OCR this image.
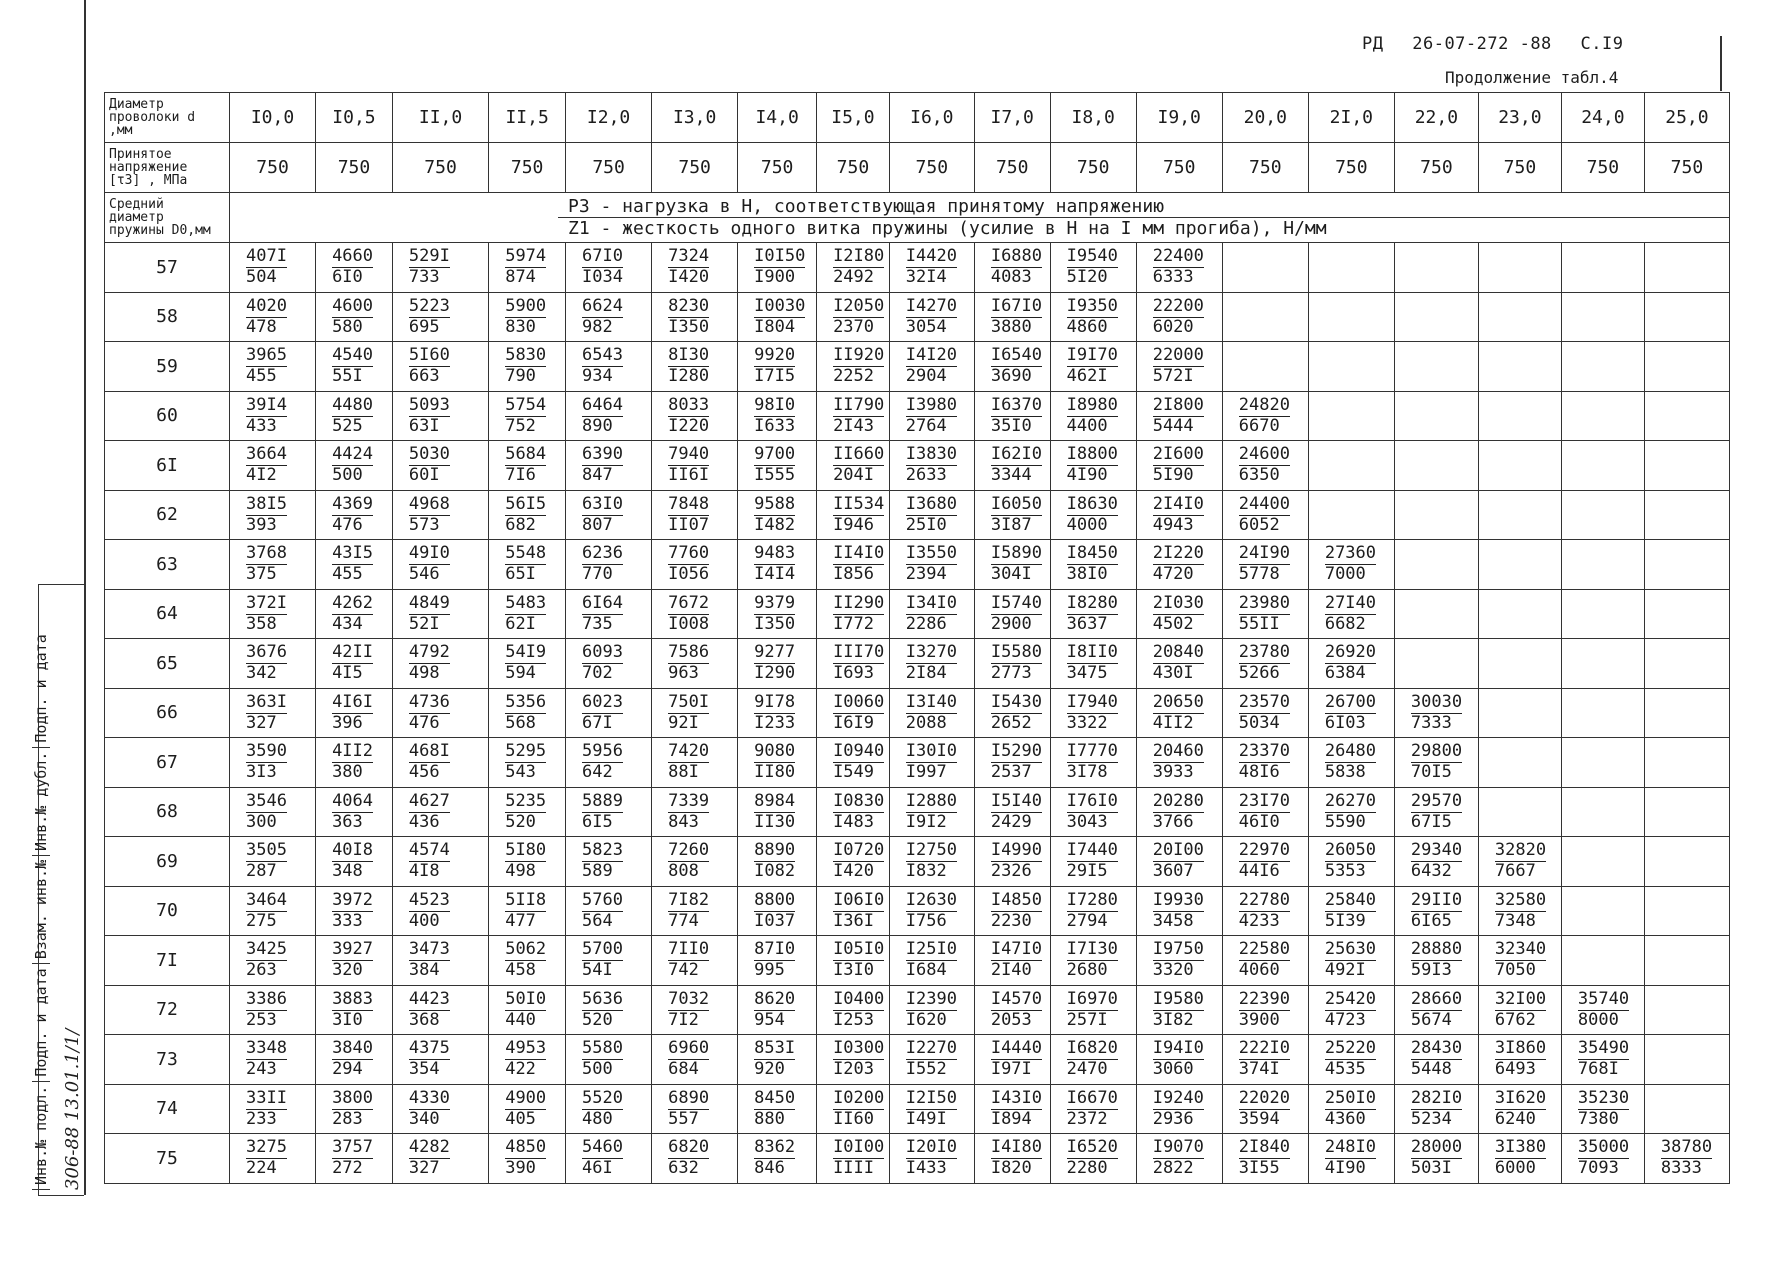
РД 26-07-272 -88 С.I9
Продолжение табл.4
Инв.№ подл.
Подп. и дата
Взам. инв.№
Инв.№ дубл.
Подп. и дата
306-88 13.01.1/1/
Диаметр проволоки d ,мм	I0,0	I0,5	II,0	II,5	I2,0	I3,0	I4,0	I5,0	I6,0	I7,0	I8,0	I9,0	20,0	2I,0	22,0	23,0	24,0	25,0
Принятое напряжение [τ3] , МПа	750	750	750	750	750	750	750	750	750	750	750	750	750	750	750	750	750	750
Средний диаметр пружины D0,мм	P3 - нагрузка в Н, соответствующая принятому напряжению
Z1 - жесткость одного витка пружины (усилие в Н на I мм прогиба), Н/мм																	

57	$\frac{407I}{504}$	$\frac{4660}{6I0}$	$\frac{529I}{733}$	$\frac{5974}{874}$	$\frac{67I0}{I034}$	$\frac{7324}{I420}$	$\frac{I0I50}{I900}$	$\frac{I2I80}{2492}$	$\frac{I4420}{32I4}$	$\frac{I6880}{4083}$	$\frac{I9540}{5I20}$	$\frac{22400}{6333}$

58	$\frac{4020}{478}$	$\frac{4600}{580}$	$\frac{5223}{695}$	$\frac{5900}{830}$	$\frac{6624}{982}$	$\frac{8230}{I350}$	$\frac{I0030}{I804}$	$\frac{I2050}{2370}$	$\frac{I4270}{3054}$	$\frac{I67I0}{3880}$	$\frac{I9350}{4860}$	$\frac{22200}{6020}$

59	$\frac{3965}{455}$	$\frac{4540}{55I}$	$\frac{5I60}{663}$	$\frac{5830}{790}$	$\frac{6543}{934}$	$\frac{8I30}{I280}$	$\frac{9920}{I7I5}$	$\frac{II920}{2252}$	$\frac{I4I20}{2904}$	$\frac{I6540}{3690}$	$\frac{I9I70}{462I}$	$\frac{22000}{572I}$

60	$\frac{39I4}{433}$	$\frac{4480}{525}$	$\frac{5093}{63I}$	$\frac{5754}{752}$	$\frac{6464}{890}$	$\frac{8033}{I220}$	$\frac{98I0}{I633}$	$\frac{II790}{2I43}$	$\frac{I3980}{2764}$	$\frac{I6370}{35I0}$	$\frac{I8980}{4400}$	$\frac{2I800}{5444}$	$\frac{24820}{6670}$

6I	$\frac{3664}{4I2}$	$\frac{4424}{500}$	$\frac{5030}{60I}$	$\frac{5684}{7I6}$	$\frac{6390}{847}$	$\frac{7940}{II6I}$	$\frac{9700}{I555}$	$\frac{II660}{204I}$	$\frac{I3830}{2633}$	$\frac{I62I0}{3344}$	$\frac{I8800}{4I90}$	$\frac{2I600}{5I90}$	$\frac{24600}{6350}$

62	$\frac{38I5}{393}$	$\frac{4369}{476}$	$\frac{4968}{573}$	$\frac{56I5}{682}$	$\frac{63I0}{807}$	$\frac{7848}{II07}$	$\frac{9588}{I482}$	$\frac{II534}{I946}$	$\frac{I3680}{25I0}$	$\frac{I6050}{3I87}$	$\frac{I8630}{4000}$	$\frac{2I4I0}{4943}$	$\frac{24400}{6052}$

63	$\frac{3768}{375}$	$\frac{43I5}{455}$	$\frac{49I0}{546}$	$\frac{5548}{65I}$	$\frac{6236}{770}$	$\frac{7760}{I056}$	$\frac{9483}{I4I4}$	$\frac{II4I0}{I856}$	$\frac{I3550}{2394}$	$\frac{I5890}{304I}$	$\frac{I8450}{38I0}$	$\frac{2I220}{4720}$	$\frac{24I90}{5778}$	$\frac{27360}{7000}$

64	$\frac{372I}{358}$	$\frac{4262}{434}$	$\frac{4849}{52I}$	$\frac{5483}{62I}$	$\frac{6I64}{735}$	$\frac{7672}{I008}$	$\frac{9379}{I350}$	$\frac{II290}{I772}$	$\frac{I34I0}{2286}$	$\frac{I5740}{2900}$	$\frac{I8280}{3637}$	$\frac{2I030}{4502}$	$\frac{23980}{55II}$	$\frac{27I40}{6682}$

65	$\frac{3676}{342}$	$\frac{42II}{4I5}$	$\frac{4792}{498}$	$\frac{54I9}{594}$	$\frac{6093}{702}$	$\frac{7586}{963}$	$\frac{9277}{I290}$	$\frac{\text{III70}}{I693}$	$\frac{I3270}{2I84}$	$\frac{I5580}{2773}$	$\frac{I8II0}{3475}$	$\frac{20840}{430I}$	$\frac{23780}{5266}$	$\frac{26920}{6384}$

66	$\frac{363I}{327}$	$\frac{4I6I}{396}$	$\frac{4736}{476}$	$\frac{5356}{568}$	$\frac{6023}{67I}$	$\frac{750I}{92I}$	$\frac{9I78}{I233}$	$\frac{I0060}{I6I9}$	$\frac{I3I40}{2088}$	$\frac{I5430}{2652}$	$\frac{I7940}{3322}$	$\frac{20650}{4II2}$	$\frac{23570}{5034}$	$\frac{26700}{6I03}$	$\frac{30030}{7333}$

67	$\frac{3590}{3I3}$	$\frac{4II2}{380}$	$\frac{468I}{456}$	$\frac{5295}{543}$	$\frac{5956}{642}$	$\frac{7420}{88I}$	$\frac{9080}{II80}$	$\frac{I0940}{I549}$	$\frac{I30I0}{I997}$	$\frac{I5290}{2537}$	$\frac{I7770}{3I78}$	$\frac{20460}{3933}$	$\frac{23370}{48I6}$	$\frac{26480}{5838}$	$\frac{29800}{70I5}$

68	$\frac{3546}{300}$	$\frac{4064}{363}$	$\frac{4627}{436}$	$\frac{5235}{520}$	$\frac{5889}{6I5}$	$\frac{7339}{843}$	$\frac{8984}{II30}$	$\frac{I0830}{I483}$	$\frac{I2880}{I9I2}$	$\frac{I5I40}{2429}$	$\frac{I76I0}{3043}$	$\frac{20280}{3766}$	$\frac{23I70}{46I0}$	$\frac{26270}{5590}$	$\frac{29570}{67I5}$

69	$\frac{3505}{287}$	$\frac{40I8}{348}$	$\frac{4574}{4I8}$	$\frac{5I80}{498}$	$\frac{5823}{589}$	$\frac{7260}{808}$	$\frac{8890}{I082}$	$\frac{I0720}{I420}$	$\frac{I2750}{I832}$	$\frac{I4990}{2326}$	$\frac{I7440}{29I5}$	$\frac{20I00}{3607}$	$\frac{22970}{44I6}$	$\frac{26050}{5353}$	$\frac{29340}{6432}$	$\frac{32820}{7667}$

70	$\frac{3464}{275}$	$\frac{3972}{333}$	$\frac{4523}{400}$	$\frac{5II8}{477}$	$\frac{5760}{564}$	$\frac{7I82}{774}$	$\frac{8800}{I037}$	$\frac{I06I0}{I36I}$	$\frac{I2630}{I756}$	$\frac{I4850}{2230}$	$\frac{I7280}{2794}$	$\frac{I9930}{3458}$	$\frac{22780}{4233}$	$\frac{25840}{5I39}$	$\frac{29II0}{6I65}$	$\frac{32580}{7348}$

7I	$\frac{3425}{263}$	$\frac{3927}{320}$	$\frac{3473}{384}$	$\frac{5062}{458}$	$\frac{5700}{54I}$	$\frac{7II0}{742}$	$\frac{87I0}{995}$	$\frac{I05I0}{I3I0}$	$\frac{I25I0}{I684}$	$\frac{I47I0}{2I40}$	$\frac{I7I30}{2680}$	$\frac{I9750}{3320}$	$\frac{22580}{4060}$	$\frac{25630}{492I}$	$\frac{28880}{59I3}$	$\frac{32340}{7050}$

72	$\frac{3386}{253}$	$\frac{3883}{3I0}$	$\frac{4423}{368}$	$\frac{50I0}{440}$	$\frac{5636}{520}$	$\frac{7032}{7I2}$	$\frac{8620}{954}$	$\frac{I0400}{I253}$	$\frac{I2390}{I620}$	$\frac{I4570}{2053}$	$\frac{I6970}{257I}$	$\frac{I9580}{3I82}$	$\frac{22390}{3900}$	$\frac{25420}{4723}$	$\frac{28660}{5674}$	$\frac{32I00}{6762}$	$\frac{35740}{8000}$

73	$\frac{3348}{243}$	$\frac{3840}{294}$	$\frac{4375}{354}$	$\frac{4953}{422}$	$\frac{5580}{500}$	$\frac{6960}{684}$	$\frac{853I}{920}$	$\frac{I0300}{I203}$	$\frac{I2270}{I552}$	$\frac{I4440}{I97I}$	$\frac{I6820}{2470}$	$\frac{I94I0}{3060}$	$\frac{222I0}{374I}$	$\frac{25220}{4535}$	$\frac{28430}{5448}$	$\frac{3I860}{6493}$	$\frac{35490}{768I}$

74	$\frac{33II}{233}$	$\frac{3800}{283}$	$\frac{4330}{340}$	$\frac{4900}{405}$	$\frac{5520}{480}$	$\frac{6890}{557}$	$\frac{8450}{880}$	$\frac{I0200}{II60}$	$\frac{I2I50}{I49I}$	$\frac{I43I0}{I894}$	$\frac{I6670}{2372}$	$\frac{I9240}{2936}$	$\frac{22020}{3594}$	$\frac{250I0}{4360}$	$\frac{282I0}{5234}$	$\frac{3I620}{6240}$	$\frac{35230}{7380}$

75	$\frac{3275}{224}$	$\frac{3757}{272}$	$\frac{4282}{327}$	$\frac{4850}{390}$	$\frac{5460}{46I}$	$\frac{6820}{632}$	$\frac{8362}{846}$	$\frac{I0I00}{\text{IIII}}$	$\frac{I20I0}{I433}$	$\frac{I4I80}{I820}$	$\frac{I6520}{2280}$	$\frac{I9070}{2822}$	$\frac{2I840}{3I55}$	$\frac{248I0}{4I90}$	$\frac{28000}{503I}$	$\frac{3I380}{6000}$	$\frac{35000}{7093}$	$\frac{38780}{8333}$
